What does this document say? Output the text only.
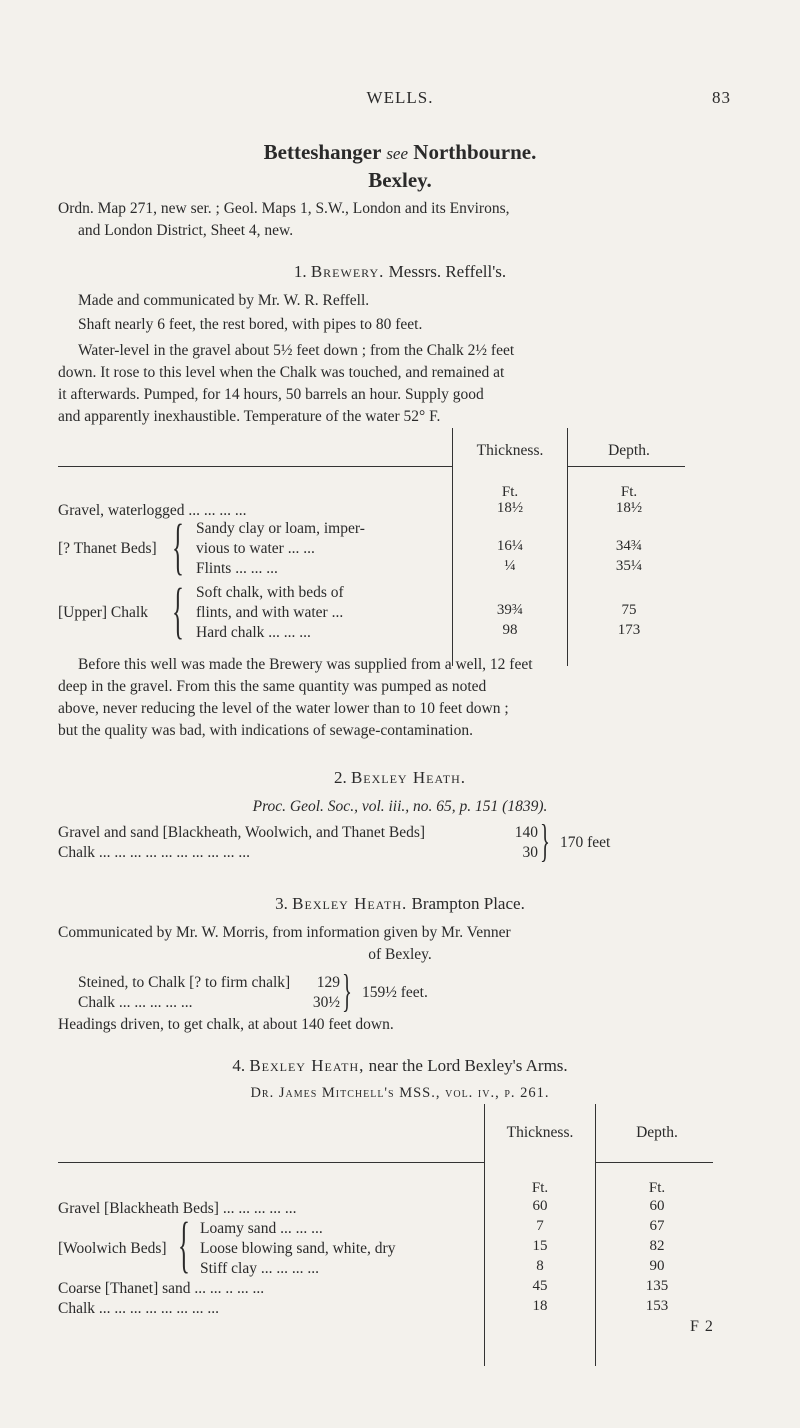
WELLS.	83
Betteshanger see Northbourne.
Bexley.
Ordn. Map 271, new ser. ; Geol. Maps 1, S.W., London and its Environs,
and London District, Sheet 4, new.
1. Brewery. Messrs. Reffell's.
Made and communicated by Mr. W. R. Reffell.
Shaft nearly 6 feet, the rest bored, with pipes to 80 feet.
Water-level in the gravel about 5½ feet down ; from the Chalk 2½ feet
down. It rose to this level when the Chalk was touched, and remained at
it afterwards. Pumped, for 14 hours, 50 barrels an hour. Supply good
and apparently inexhaustible. Temperature of the water 52° F.
Thickness.	Depth.
Ft.	Ft.
Gravel, waterlogged ... ... ... ...	18½	18½
[? Thanet Beds] { Sandy clay or loam, imper-
vious to water ... ...	16¼	34¾
Flints ... ... ...	¼	35¼
[Upper] Chalk { Soft chalk, with beds of
flints, and with water ...	39¾	75
Hard chalk ... ... ...	98	173
Before this well was made the Brewery was supplied from a well, 12 feet
deep in the gravel. From this the same quantity was pumped as noted
above, never reducing the level of the water lower than to 10 feet down ;
but the quality was bad, with indications of sewage-contamination.
2. Bexley Heath.
Proc. Geol. Soc., vol. iii., no. 65, p. 151 (1839).
Gravel and sand [Blackheath, Woolwich, and Thanet Beds]	140
Chalk ... ... ... ... ... ... ... ... ... ...	30 } 170 feet
3. Bexley Heath. Brampton Place.
Communicated by Mr. W. Morris, from information given by Mr. Venner
of Bexley.
Steined, to Chalk [? to firm chalk]	129
Chalk ... ... ... ... ...	30½ } 159½ feet.
Headings driven, to get chalk, at about 140 feet down.
4. Bexley Heath, near the Lord Bexley's Arms.
Dr. James Mitchell's MSS., vol. iv., p. 261.
Thickness.	Depth.
Ft.	Ft.
Gravel [Blackheath Beds] ... ... ... ... ...	60	60
[Woolwich Beds] { Loamy sand ... ... ...	7	67
Loose blowing sand, white, dry	15	82
Stiff clay ... ... ... ...	8	90
Coarse [Thanet] sand ... ... .. ... ...	45	135
Chalk ... ... ... ... ... ... ... ...	18	153
F 2
